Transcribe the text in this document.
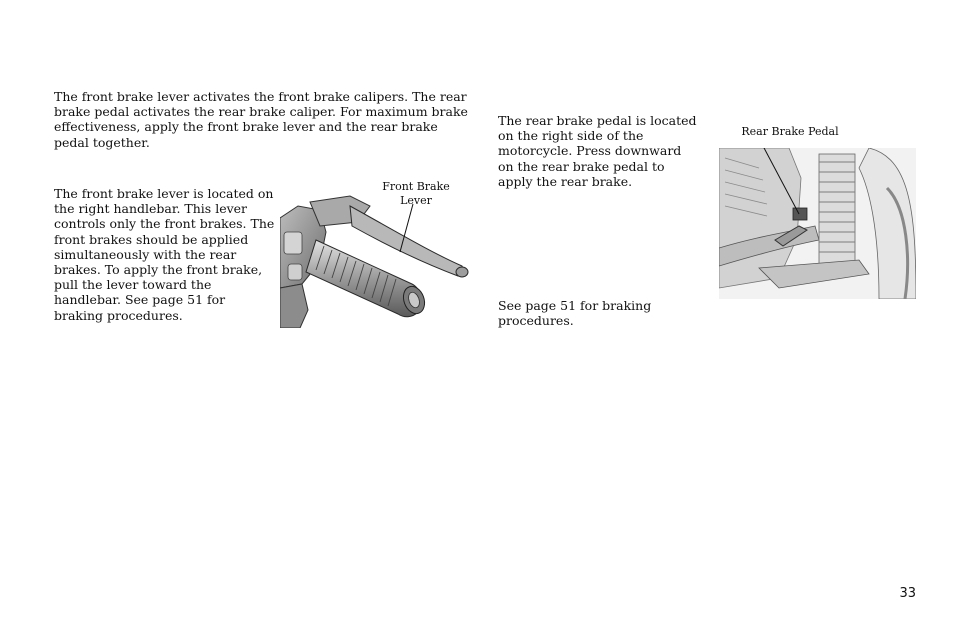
The front brake lever activates the front brake calipers. The rear brake pedal activates the rear brake caliper. For maximum brake effectiveness, apply the front brake lever and the rear brake pedal together.

The front brake lever is located on the right handlebar. This lever controls only the front brakes. The front brakes should be applied simultaneously with the rear brakes. To apply the front brake, pull the lever toward the handlebar. See page 51 for braking procedures.

Front Brake Lever

The rear brake pedal is located on the right side of the motorcycle. Press downward on the rear brake pedal to apply the rear brake.

See page 51 for braking procedures.

Rear Brake Pedal
33
